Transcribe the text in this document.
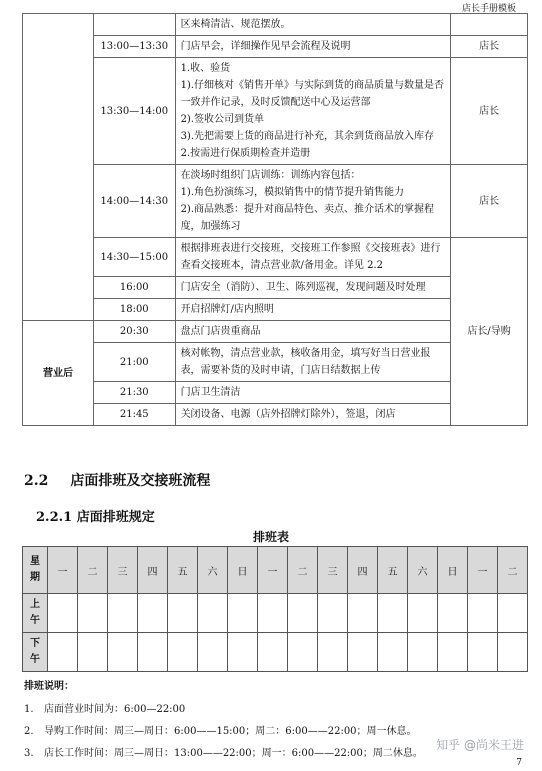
店长手册模板

		区来椅清洁、规范摆放。	

	13:00—13:30	门店早会，详细操作见早会流程及说明	店长
	13:30—14:00	1.收、验货
1).仔细核对《销售开单》与实际到货的商品质量与数量是否一致并作记录，及时反馈配送中心及运营部
2).签收公司到货单
3).先把需要上货的商品进行补充，其余到货商品放入库存
2.按需进行保质期检查并造册	店长
	14:00—14:30	在淡场时组织门店训练：训练内容包括：
1).角色扮演练习，模拟销售中的情节提升销售能力
2).商品熟悉：提升对商品特色、卖点、推介话术的掌握程度，加强练习	店长
	14:30—15:00	根据排班表进行交接班，交接班工作参照《交接班表》进行查看交接班本，清点营业款/备用金。详见 2.2	店长/导购
	16:00	门店安全（消防）、卫生、陈列巡视，发现问题及时处理	

	18:00	开启招牌灯/店内照明	

营业后	20:30	盘点门店贵重商品	

	21:00	核对帐物，清点营业款，核收备用金，填写好当日营业报表，需要补货的及时申请，门店日结数据上传	

	21:30	门店卫生清洁	

	21:45	关闭设备、电源（店外招牌灯除外），签退，闭店	
2.2 店面排班及交接班流程
2.2.1 店面排班规定
排班表
星
期	一	二	三	四	五	六	日	一	二	三	四	五	六	日	一	二

上
午																

下
午																

排班说明：
1. 店面营业时间为：6:00—22:00
2. 导购工作时间：周三—周日：6:00——15:00；周二：6:00——22:00；周一休息。
3. 店长工作时间：周三—周日：13:00——22:00；周一：6:00——22:00；周二休息。
知乎 @尚米王进
7
